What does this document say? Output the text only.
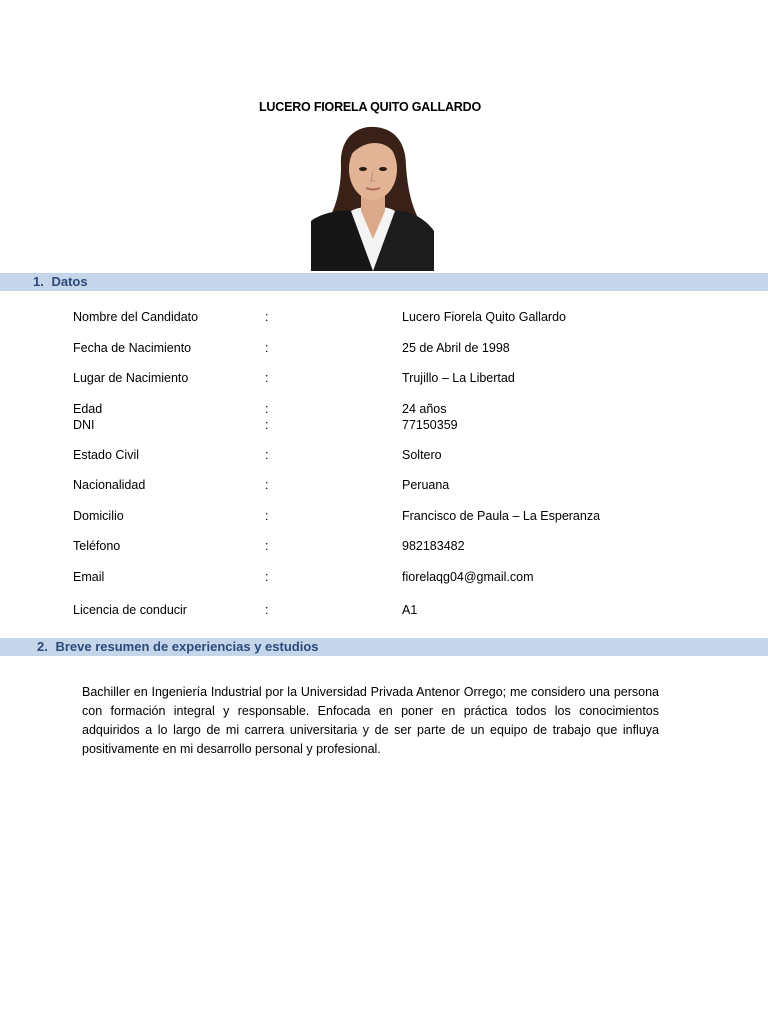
LUCERO FIORELA QUITO GALLARDO
1. Datos
Nombre del Candidato	:	Lucero Fiorela Quito Gallardo
Fecha de Nacimiento	:	25 de Abril de 1998
Lugar de Nacimiento	:	Trujillo – La Libertad
Edad	:	24 años
DNI	:	77150359
Estado Civil	:	Soltero
Nacionalidad	:	Peruana
Domicilio	:	Francisco de Paula – La Esperanza
Teléfono	:	982183482
Email	:	fiorelaqg04@gmail.com
Licencia de conducir	:	A1
2. Breve resumen de experiencias y estudios

Bachiller en Ingeniería Industrial por la Universidad Privada Antenor Orrego; me considero una persona con formación integral y responsable. Enfocada en poner en práctica todos los conocimientos adquiridos a lo largo de mi carrera universitaria y de ser parte de un equipo de trabajo que influya positivamente en mi desarrollo personal y profesional.
